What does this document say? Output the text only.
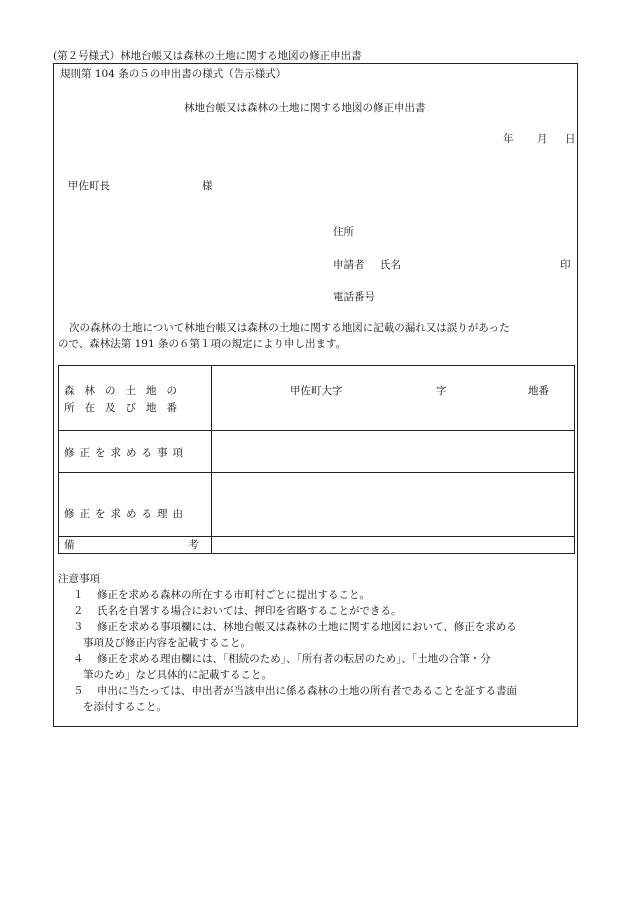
(第２号様式）林地台帳又は森林の土地に関する地図の修正申出書
規則第 104 条の５の申出書の様式（告示様式）
林地台帳又は森林の土地に関する地図の修正申出書
年 月 日
甲佐町長	様
住所
申請者 氏名	印
電話番号
次の森林の土地について林地台帳又は森林の土地に関する地図に記載の漏れ又は誤りがあった
ので、森林法第 191 条の６第１項の規定により申し出ます。
森林の土地の
所在及び地番
甲佐町大字	字	地番
修正を求める事項
修正を求める理由
備	考
注意事項
１ 修正を求める森林の所在する市町村ごとに提出すること。
２ 氏名を自署する場合においては、押印を省略することができる。
３ 修正を求める事項欄には、林地台帳又は森林の土地に関する地図において、修正を求める
事項及び修正内容を記載すること。
４ 修正を求める理由欄には、「相続のため」、「所有者の転居のため」、「土地の合筆・分
筆のため」など具体的に記載すること。
５ 申出に当たっては、申出者が当該申出に係る森林の土地の所有者であることを証する書面
を添付すること。
